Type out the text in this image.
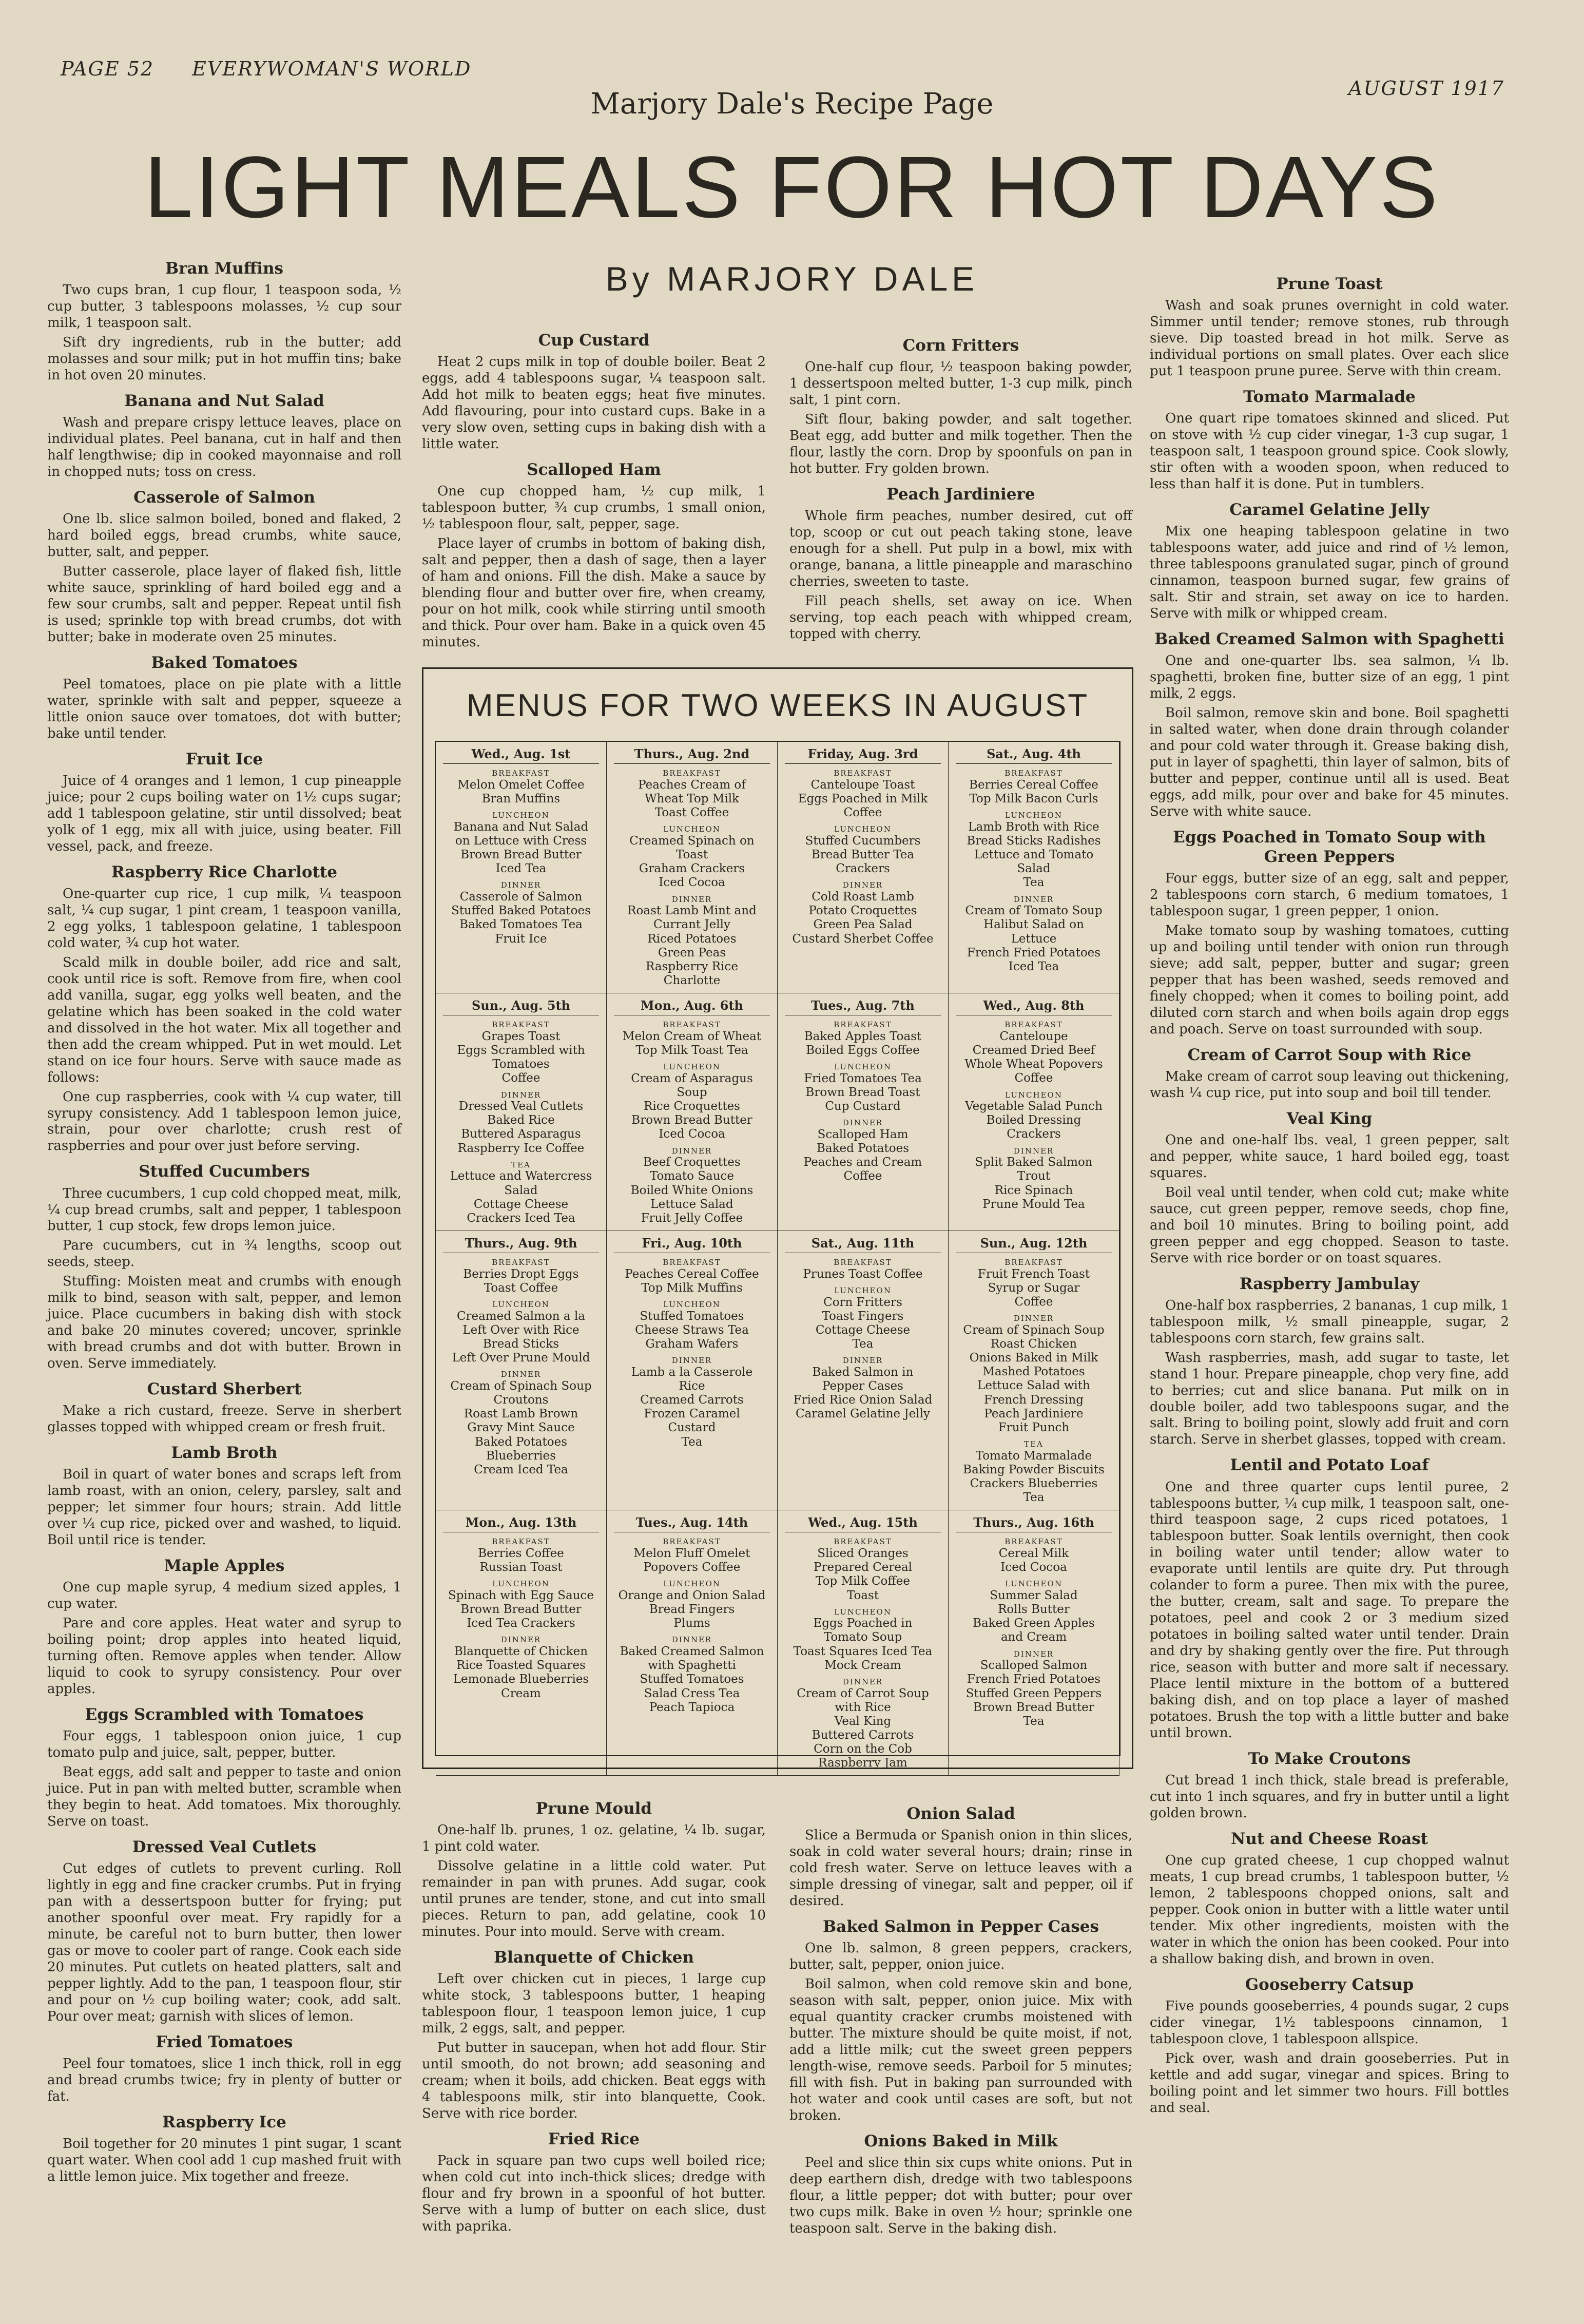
PAGE 52 EVERYWOMAN'S WORLD
AUGUST 1917
Marjory Dale's Recipe Page
LIGHT MEALS FOR HOT DAYS
By MARJORY DALE
Bran Muffins

Two cups bran, 1 cup flour, 1 teaspoon soda, ½ cup butter, 3 tablespoons molasses, ½ cup sour milk, 1 teaspoon salt.

Sift dry ingredients, rub in the butter; add molasses and sour milk; put in hot muffin tins; bake in hot oven 20 minutes.

Banana and Nut Salad

Wash and prepare crispy lettuce leaves, place on individual plates. Peel banana, cut in half and then half lengthwise; dip in cooked mayonnaise and roll in chopped nuts; toss on cress.

Casserole of Salmon

One lb. slice salmon boiled, boned and flaked, 2 hard boiled eggs, bread crumbs, white sauce, butter, salt, and pepper.

Butter casserole, place layer of flaked fish, little white sauce, sprinkling of hard boiled egg and a few sour crumbs, salt and pepper. Repeat until fish is used; sprinkle top with bread crumbs, dot with butter; bake in moderate oven 25 minutes.

Baked Tomatoes

Peel tomatoes, place on pie plate with a little water, sprinkle with salt and pepper, squeeze a little onion sauce over tomatoes, dot with butter; bake until tender.

Fruit Ice

Juice of 4 oranges and 1 lemon, 1 cup pineapple juice; pour 2 cups boiling water on 1½ cups sugar; add 1 tablespoon gelatine, stir until dissolved; beat yolk of 1 egg, mix all with juice, using beater. Fill vessel, pack, and freeze.

Raspberry Rice Charlotte

One-quarter cup rice, 1 cup milk, ¼ teaspoon salt, ¼ cup sugar, 1 pint cream, 1 teaspoon vanilla, 2 egg yolks, 1 tablespoon gelatine, 1 tablespoon cold water, ¾ cup hot water.

Scald milk in double boiler, add rice and salt, cook until rice is soft. Remove from fire, when cool add vanilla, sugar, egg yolks well beaten, and the gelatine which has been soaked in the cold water and dissolved in the hot water. Mix all together and then add the cream whipped. Put in wet mould. Let stand on ice four hours. Serve with sauce made as follows:

One cup raspberries, cook with ¼ cup water, till syrupy consistency. Add 1 tablespoon lemon juice, strain, pour over charlotte; crush rest of raspberries and pour over just before serving.

Stuffed Cucumbers

Three cucumbers, 1 cup cold chopped meat, milk, ¼ cup bread crumbs, salt and pepper, 1 tablespoon butter, 1 cup stock, few drops lemon juice.

Pare cucumbers, cut in ¾ lengths, scoop out seeds, steep.

Stuffing: Moisten meat and crumbs with enough milk to bind, season with salt, pepper, and lemon juice. Place cucumbers in baking dish with stock and bake 20 minutes covered; uncover, sprinkle with bread crumbs and dot with butter. Brown in oven. Serve immediately.

Custard Sherbert

Make a rich custard, freeze. Serve in sherbert glasses topped with whipped cream or fresh fruit.

Lamb Broth

Boil in quart of water bones and scraps left from lamb roast, with an onion, celery, parsley, salt and pepper; let simmer four hours; strain. Add little over ¼ cup rice, picked over and washed, to liquid. Boil until rice is tender.

Maple Apples

One cup maple syrup, 4 medium sized apples, 1 cup water.

Pare and core apples. Heat water and syrup to boiling point; drop apples into heated liquid, turning often. Remove apples when tender. Allow liquid to cook to syrupy consistency. Pour over apples.

Eggs Scrambled with Tomatoes

Four eggs, 1 tablespoon onion juice, 1 cup tomato pulp and juice, salt, pepper, butter.

Beat eggs, add salt and pepper to taste and onion juice. Put in pan with melted butter, scramble when they begin to heat. Add tomatoes. Mix thoroughly. Serve on toast.

Dressed Veal Cutlets

Cut edges of cutlets to prevent curling. Roll lightly in egg and fine cracker crumbs. Put in frying pan with a dessertspoon butter for frying; put another spoonful over meat. Fry rapidly for a minute, be careful not to burn butter, then lower gas or move to cooler part of range. Cook each side 20 minutes. Put cutlets on heated platters, salt and pepper lightly. Add to the pan, 1 teaspoon flour, stir and pour on ½ cup boiling water; cook, add salt. Pour over meat; garnish with slices of lemon.

Fried Tomatoes

Peel four tomatoes, slice 1 inch thick, roll in egg and bread crumbs twice; fry in plenty of butter or fat.

Raspberry Ice

Boil together for 20 minutes 1 pint sugar, 1 scant quart water. When cool add 1 cup mashed fruit with a little lemon juice. Mix together and freeze.

Cup Custard

Heat 2 cups milk in top of double boiler. Beat 2 eggs, add 4 tablespoons sugar, ¼ teaspoon salt. Add hot milk to beaten eggs; heat five minutes. Add flavouring, pour into custard cups. Bake in a very slow oven, setting cups in baking dish with a little water.

Scalloped Ham

One cup chopped ham, ½ cup milk, 1 tablespoon butter, ¾ cup crumbs, 1 small onion, ½ tablespoon flour, salt, pepper, sage.

Place layer of crumbs in bottom of baking dish, salt and pepper, then a dash of sage, then a layer of ham and onions. Fill the dish. Make a sauce by blending flour and butter over fire, when creamy, pour on hot milk, cook while stirring until smooth and thick. Pour over ham. Bake in a quick oven 45 minutes.

Corn Fritters

One-half cup flour, ½ teaspoon baking powder, 1 dessertspoon melted butter, 1-3 cup milk, pinch salt, 1 pint corn.

Sift flour, baking powder, and salt together. Beat egg, add butter and milk together. Then the flour, lastly the corn. Drop by spoonfuls on pan in hot butter. Fry golden brown.

Peach Jardiniere

Whole firm peaches, number desired, cut off top, scoop or cut out peach taking stone, leave enough for a shell. Put pulp in a bowl, mix with orange, banana, a little pineapple and maraschino cherries, sweeten to taste.

Fill peach shells, set away on ice. When serving, top each peach with whipped cream, topped with cherry.

Prune Toast

Wash and soak prunes overnight in cold water. Simmer until tender; remove stones, rub through sieve. Dip toasted bread in hot milk. Serve as individual portions on small plates. Over each slice put 1 teaspoon prune puree. Serve with thin cream.

Tomato Marmalade

One quart ripe tomatoes skinned and sliced. Put on stove with ½ cup cider vinegar, 1-3 cup sugar, 1 teaspoon salt, 1 teaspoon ground spice. Cook slowly, stir often with a wooden spoon, when reduced to less than half it is done. Put in tumblers.

Caramel Gelatine Jelly

Mix one heaping tablespoon gelatine in two tablespoons water, add juice and rind of ½ lemon, three tablespoons granulated sugar, pinch of ground cinnamon, teaspoon burned sugar, few grains of salt. Stir and strain, set away on ice to harden. Serve with milk or whipped cream.

Baked Creamed Salmon with Spaghetti

One and one-quarter lbs. sea salmon, ¼ lb. spaghetti, broken fine, butter size of an egg, 1 pint milk, 2 eggs.

Boil salmon, remove skin and bone. Boil spaghetti in salted water, when done drain through colander and pour cold water through it. Grease baking dish, put in layer of spaghetti, thin layer of salmon, bits of butter and pepper, continue until all is used. Beat eggs, add milk, pour over and bake for 45 minutes. Serve with white sauce.

Eggs Poached in Tomato Soup with Green Peppers

Four eggs, butter size of an egg, salt and pepper, 2 tablespoons corn starch, 6 medium tomatoes, 1 tablespoon sugar, 1 green pepper, 1 onion.

Make tomato soup by washing tomatoes, cutting up and boiling until tender with onion run through sieve; add salt, pepper, butter and sugar; green pepper that has been washed, seeds removed and finely chopped; when it comes to boiling point, add diluted corn starch and when boils again drop eggs and poach. Serve on toast surrounded with soup.

Cream of Carrot Soup with Rice

Make cream of carrot soup leaving out thickening, wash ¼ cup rice, put into soup and boil till tender.

Veal King

One and one-half lbs. veal, 1 green pepper, salt and pepper, white sauce, 1 hard boiled egg, toast squares.

Boil veal until tender, when cold cut; make white sauce, cut green pepper, remove seeds, chop fine, and boil 10 minutes. Bring to boiling point, add green pepper and egg chopped. Season to taste. Serve with rice border or on toast squares.

Raspberry Jambulay

One-half box raspberries, 2 bananas, 1 cup milk, 1 tablespoon milk, ½ small pineapple, sugar, 2 tablespoons corn starch, few grains salt.

Wash raspberries, mash, add sugar to taste, let stand 1 hour. Prepare pineapple, chop very fine, add to berries; cut and slice banana. Put milk on in double boiler, add two tablespoons sugar, and the salt. Bring to boiling point, slowly add fruit and corn starch. Serve in sherbet glasses, topped with cream.

Lentil and Potato Loaf

One and three quarter cups lentil puree, 2 tablespoons butter, ¼ cup milk, 1 teaspoon salt, one-third teaspoon sage, 2 cups riced potatoes, 1 tablespoon butter. Soak lentils overnight, then cook in boiling water until tender; allow water to evaporate until lentils are quite dry. Put through colander to form a puree. Then mix with the puree, the butter, cream, salt and sage. To prepare the potatoes, peel and cook 2 or 3 medium sized potatoes in boiling salted water until tender. Drain and dry by shaking gently over the fire. Put through rice, season with butter and more salt if necessary. Place lentil mixture in the bottom of a buttered baking dish, and on top place a layer of mashed potatoes. Brush the top with a little butter and bake until brown.

To Make Croutons

Cut bread 1 inch thick, stale bread is preferable, cut into 1 inch squares, and fry in butter until a light golden brown.

Nut and Cheese Roast

One cup grated cheese, 1 cup chopped walnut meats, 1 cup bread crumbs, 1 tablespoon butter, ½ lemon, 2 tablespoons chopped onions, salt and pepper. Cook onion in butter with a little water until tender. Mix other ingredients, moisten with the water in which the onion has been cooked. Pour into a shallow baking dish, and brown in oven.

Gooseberry Catsup

Five pounds gooseberries, 4 pounds sugar, 2 cups cider vinegar, 1½ tablespoons cinnamon, 1 tablespoon clove, 1 tablespoon allspice.

Pick over, wash and drain gooseberries. Put in kettle and add sugar, vinegar and spices. Bring to boiling point and let simmer two hours. Fill bottles and seal.

Prune Mould

One-half lb. prunes, 1 oz. gelatine, ¼ lb. sugar, 1 pint cold water.

Dissolve gelatine in a little cold water. Put remainder in pan with prunes. Add sugar, cook until prunes are tender, stone, and cut into small pieces. Return to pan, add gelatine, cook 10 minutes. Pour into mould. Serve with cream.

Blanquette of Chicken

Left over chicken cut in pieces, 1 large cup white stock, 3 tablespoons butter, 1 heaping tablespoon flour, 1 teaspoon lemon juice, 1 cup milk, 2 eggs, salt, and pepper.

Put butter in saucepan, when hot add flour. Stir until smooth, do not brown; add seasoning and cream; when it boils, add chicken. Beat eggs with 4 tablespoons milk, stir into blanquette, Cook. Serve with rice border.

Fried Rice

Pack in square pan two cups well boiled rice; when cold cut into inch-thick slices; dredge with flour and fry brown in a spoonful of hot butter. Serve with a lump of butter on each slice, dust with paprika.

Onion Salad

Slice a Bermuda or Spanish onion in thin slices, soak in cold water several hours; drain; rinse in cold fresh water. Serve on lettuce leaves with a simple dressing of vinegar, salt and pepper, oil if desired.

Baked Salmon in Pepper Cases

One lb. salmon, 8 green peppers, crackers, butter, salt, pepper, onion juice.

Boil salmon, when cold remove skin and bone, season with salt, pepper, onion juice. Mix with equal quantity cracker crumbs moistened with butter. The mixture should be quite moist, if not, add a little milk; cut the sweet green peppers length-wise, remove seeds. Parboil for 5 minutes; fill with fish. Put in baking pan surrounded with hot water and cook until cases are soft, but not broken.

Onions Baked in Milk

Peel and slice thin six cups white onions. Put in deep earthern dish, dredge with two tablespoons flour, a little pepper; dot with butter; pour over two cups milk. Bake in oven ½ hour; sprinkle one teaspoon salt. Serve in the baking dish.

MENUS FOR TWO WEEKS IN AUGUST
Wed., Aug. 1st
BREAKFAST
Melon Omelet Coffee
Bran Muffins
LUNCHEON
Banana and Nut Salad
on Lettuce with Cress
Brown Bread Butter
Iced Tea
DINNER
Casserole of Salmon
Stuffed Baked Potatoes
Baked Tomatoes Tea
Fruit Ice
Thurs., Aug. 2nd
BREAKFAST
Peaches Cream of
Wheat Top Milk
Toast Coffee
LUNCHEON
Creamed Spinach on
Toast
Graham Crackers
Iced Cocoa
DINNER
Roast Lamb Mint and
Currant Jelly
Riced Potatoes
Green Peas
Raspberry Rice
Charlotte
Friday, Aug. 3rd
BREAKFAST
Canteloupe Toast
Eggs Poached in Milk
Coffee
LUNCHEON
Stuffed Cucumbers
Bread Butter Tea
Crackers
DINNER
Cold Roast Lamb
Potato Croquettes
Green Pea Salad
Custard Sherbet Coffee
Sat., Aug. 4th
BREAKFAST
Berries Cereal Coffee
Top Milk Bacon Curls
LUNCHEON
Lamb Broth with Rice
Bread Sticks Radishes
Lettuce and Tomato
Salad
Tea
DINNER
Cream of Tomato Soup
Halibut Salad on
Lettuce
French Fried Potatoes
Iced Tea
Sun., Aug. 5th
BREAKFAST
Grapes Toast
Eggs Scrambled with
Tomatoes
Coffee
DINNER
Dressed Veal Cutlets
Baked Rice
Buttered Asparagus
Raspberry Ice Coffee
TEA
Lettuce and Watercress
Salad
Cottage Cheese
Crackers Iced Tea
Mon., Aug. 6th
BREAKFAST
Melon Cream of Wheat
Top Milk Toast Tea
LUNCHEON
Cream of Asparagus
Soup
Rice Croquettes
Brown Bread Butter
Iced Cocoa
DINNER
Beef Croquettes
Tomato Sauce
Boiled White Onions
Lettuce Salad
Fruit Jelly Coffee
Tues., Aug. 7th
BREAKFAST
Baked Apples Toast
Boiled Eggs Coffee
LUNCHEON
Fried Tomatoes Tea
Brown Bread Toast
Cup Custard
DINNER
Scalloped Ham
Baked Potatoes
Peaches and Cream
Coffee
Wed., Aug. 8th
BREAKFAST
Canteloupe
Creamed Dried Beef
Whole Wheat Popovers
Coffee
LUNCHEON
Vegetable Salad Punch
Boiled Dressing
Crackers
DINNER
Split Baked Salmon
Trout
Rice Spinach
Prune Mould Tea
Thurs., Aug. 9th
BREAKFAST
Berries Dropt Eggs
Toast Coffee
LUNCHEON
Creamed Salmon a la
Left Over with Rice
Bread Sticks
Left Over Prune Mould
DINNER
Cream of Spinach Soup
Croutons
Roast Lamb Brown
Gravy Mint Sauce
Baked Potatoes
Blueberries
Cream Iced Tea
Fri., Aug. 10th
BREAKFAST
Peaches Cereal Coffee
Top Milk Muffins
LUNCHEON
Stuffed Tomatoes
Cheese Straws Tea
Graham Wafers
DINNER
Lamb a la Casserole
Rice
Creamed Carrots
Frozen Caramel
Custard
Tea
Sat., Aug. 11th
BREAKFAST
Prunes Toast Coffee
LUNCHEON
Corn Fritters
Toast Fingers
Cottage Cheese
Tea
DINNER
Baked Salmon in
Pepper Cases
Fried Rice Onion Salad
Caramel Gelatine Jelly
Sun., Aug. 12th
BREAKFAST
Fruit French Toast
Syrup or Sugar
Coffee
DINNER
Cream of Spinach Soup
Roast Chicken
Onions Baked in Milk
Mashed Potatoes
Lettuce Salad with
French Dressing
Peach Jardiniere
Fruit Punch
TEA
Tomato Marmalade
Baking Powder Biscuits
Crackers Blueberries
Tea
Mon., Aug. 13th
BREAKFAST
Berries Coffee
Russian Toast
LUNCHEON
Spinach with Egg Sauce
Brown Bread Butter
Iced Tea Crackers
DINNER
Blanquette of Chicken
Rice Toasted Squares
Lemonade Blueberries
Cream
Tues., Aug. 14th
BREAKFAST
Melon Fluff Omelet
Popovers Coffee
LUNCHEON
Orange and Onion Salad
Bread Fingers
Plums
DINNER
Baked Creamed Salmon
with Spaghetti
Stuffed Tomatoes
Salad Cress Tea
Peach Tapioca
Wed., Aug. 15th
BREAKFAST
Sliced Oranges
Prepared Cereal
Top Milk Coffee
Toast
LUNCHEON
Eggs Poached in
Tomato Soup
Toast Squares Iced Tea
Mock Cream
DINNER
Cream of Carrot Soup
with Rice
Veal King
Buttered Carrots
Corn on the Cob
Raspberry Jam
Thurs., Aug. 16th
BREAKFAST
Cereal Milk
Iced Cocoa
LUNCHEON
Summer Salad
Rolls Butter
Baked Green Apples
and Cream
DINNER
Scalloped Salmon
French Fried Potatoes
Stuffed Green Peppers
Brown Bread Butter
Tea
